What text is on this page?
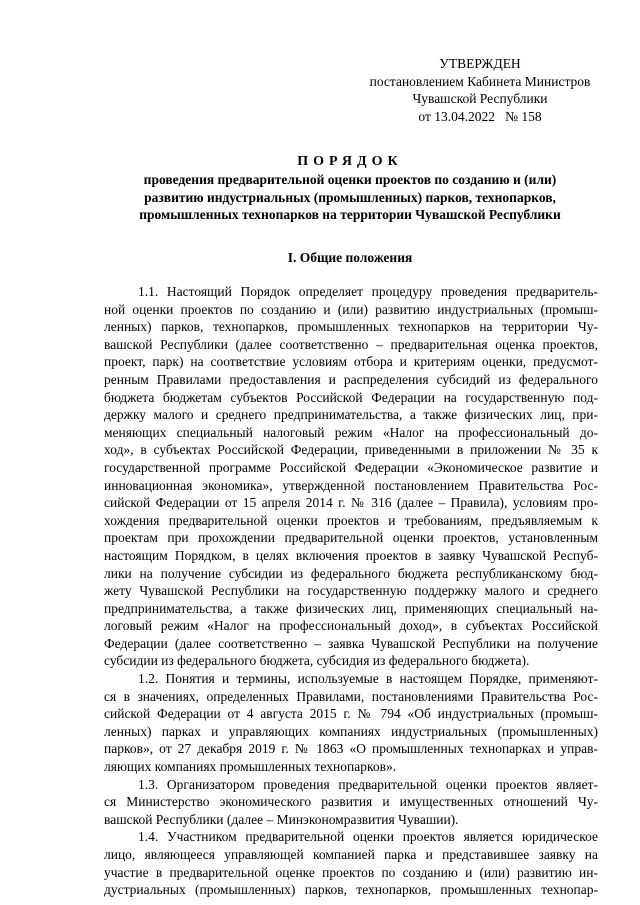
УТВЕРЖДЕН
постановлением Кабинета Министров
Чувашской Республики
от 13.04.2022   № 158
ПОРЯДОК
проведения предварительной оценки проектов по созданию и (или)
развитию индустриальных (промышленных) парков, технопарков,
промышленных технопарков на территории Чувашской Республики
I. Общие положения
1.1. Настоящий Порядок определяет процедуру проведения предваритель-
ной оценки проектов по созданию и (или) развитию индустриальных (промыш-
ленных) парков, технопарков, промышленных технопарков на территории Чу-
вашской Республики (далее соответственно – предварительная оценка проектов,
проект, парк) на соответствие условиям отбора и критериям оценки, предусмот-
ренным Правилами предоставления и распределения субсидий из федерального
бюджета бюджетам субъектов Российской Федерации на государственную под-
держку малого и среднего предпринимательства, а также физических лиц, при-
меняющих специальный налоговый режим «Налог на профессиональный до-
ход», в субъектах Российской Федерации, приведенными в приложении № 35 к
государственной программе Российской Федерации «Экономическое развитие и
инновационная экономика», утвержденной постановлением Правительства Рос-
сийской Федерации от 15 апреля 2014 г. № 316 (далее – Правила), условиям про-
хождения предварительной оценки проектов и требованиям, предъявляемым к
проектам при прохождении предварительной оценки проектов, установленным
настоящим Порядком, в целях включения проектов в заявку Чувашской Респуб-
лики на получение субсидии из федерального бюджета республиканскому бюд-
жету Чувашской Республики на государственную поддержку малого и среднего
предпринимательства, а также физических лиц, применяющих специальный на-
логовый режим «Налог на профессиональный доход», в субъектах Российской
Федерации (далее соответственно – заявка Чувашской Республики на получение
субсидии из федерального бюджета, субсидия из федерального бюджета).
1.2. Понятия и термины, используемые в настоящем Порядке, применяют-
ся в значениях, определенных Правилами, постановлениями Правительства Рос-
сийской Федерации от 4 августа 2015 г. № 794 «Об индустриальных (промыш-
ленных) парках и управляющих компаниях индустриальных (промышленных)
парков», от 27 декабря 2019 г. № 1863 «О промышленных технопарках и управ-
ляющих компаниях промышленных технопарков».
1.3. Организатором проведения предварительной оценки проектов являет-
ся Министерство экономического развития и имущественных отношений Чу-
вашской Республики (далее – Минэкономразвития Чувашии).
1.4. Участником предварительной оценки проектов является юридическое
лицо, являющееся управляющей компанией парка и представившее заявку на
участие в предварительной оценке проектов по созданию и (или) развитию ин-
дустриальных (промышленных) парков, технопарков, промышленных технопар-
